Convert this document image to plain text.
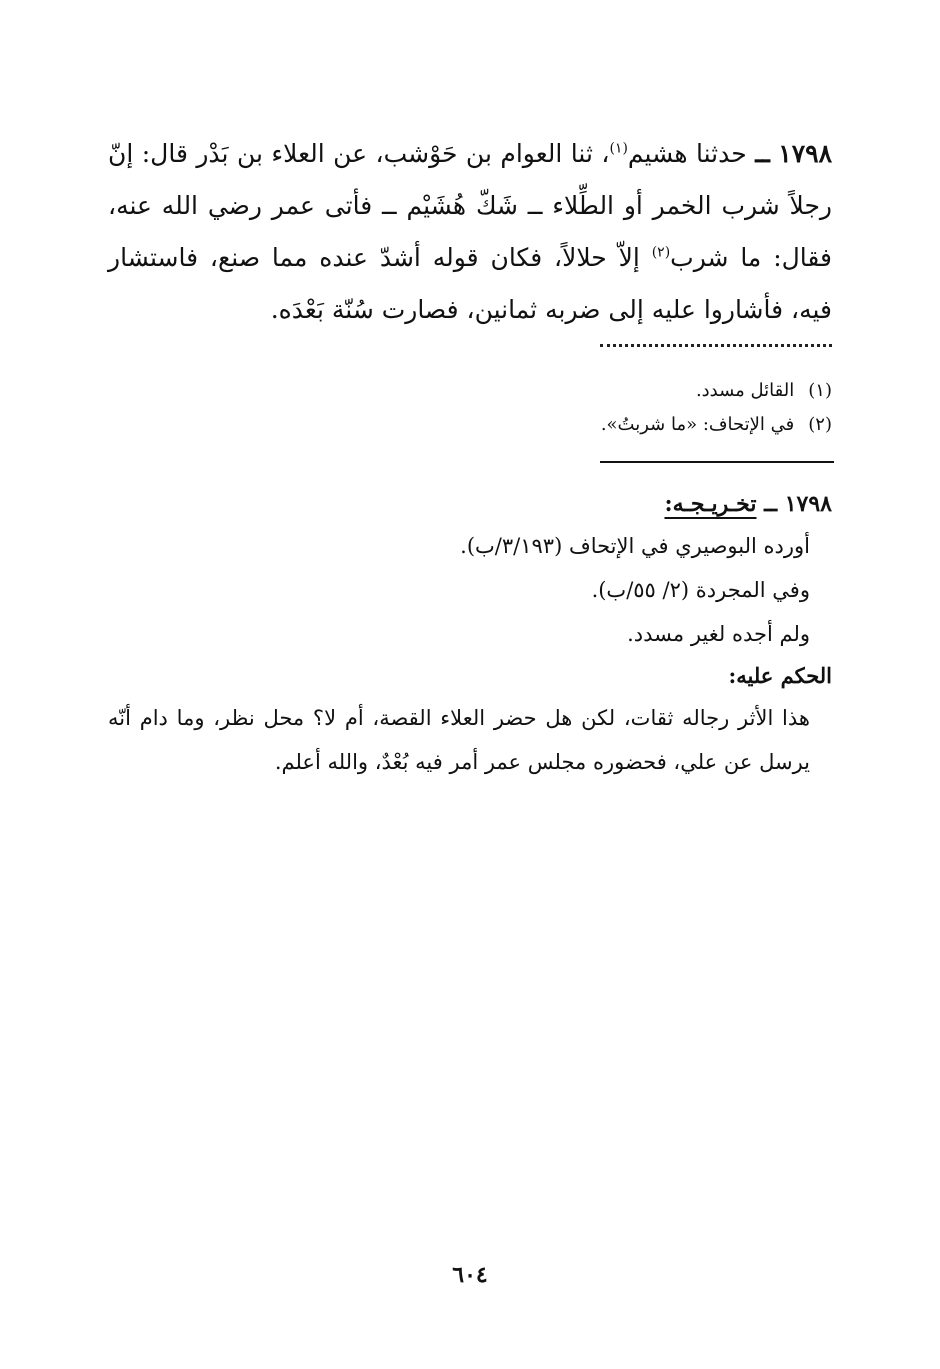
١٧٩٨ ــ حدثنا هشيم$^{(١)}$، ثنا العوام بن حَوْشب، عن العلاء بن بَدْر قال: إنّ رجلاً شرب الخمر أو الطِّلاء ــ شَكّ هُشَيْم ــ فأتى عمر رضي الله عنه، فقال: ما شرب$^{(٢)}$ إلاّ حلالاً، فكان قوله أشدّ عنده مما صنع، فاستشار فيه، فأشاروا عليه إلى ضربه ثمانين، فصارت سُنّة بَعْدَه.
(١)القائل مسدد.
(٢)في الإتحاف: «ما شربتُ».
١٧٩٨ ــ تخـريـجـه:
أورده البوصيري في الإتحاف (٣/١٩٣/ب).
وفي المجردة (٢/ ٥٥/ب).
ولم أجده لغير مسدد.
الحكم عليه:
هذا الأثر رجاله ثقات، لكن هل حضر العلاء القصة، أم لا؟ محل نظر، وما دام أنّه يرسل عن علي، فحضوره مجلس عمر أمر فيه بُعْدٌ، والله أعلم.
٦٠٤
